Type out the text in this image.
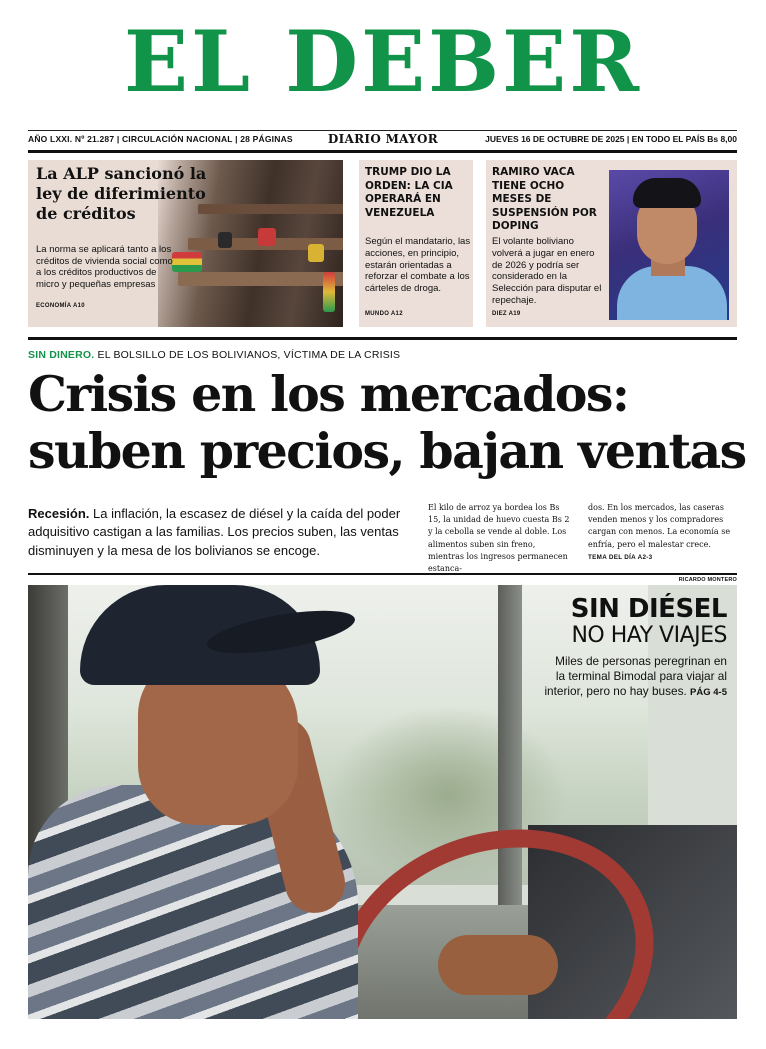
EL DEBER
AÑO LXXI. Nº 21.287 | CIRCULACIÓN NACIONAL | 28 PÁGINAS	DIARIO MAYOR	JUEVES 16 DE OCTUBRE DE 2025 | EN TODO EL PAÍS Bs 8,00
La ALP sancionó la ley de diferimiento de créditos
La norma se aplicará tanto a los créditos de vivienda social como a los créditos productivos de micro y pequeñas empresas
ECONOMÍA A10
TRUMP DIO LA ORDEN: LA CIA OPERARÁ EN VENEZUELA
Según el mandatario, las acciones, en principio, estarán orientadas a reforzar el combate a los cárteles de droga.
MUNDO A12
RAMIRO VACA TIENE OCHO MESES DE SUSPENSIÓN POR DOPING
El volante boliviano volverá a jugar en enero de 2026 y podría ser considerado en la Selección para disputar el repechaje.
DIEZ A19
SIN DINERO. EL BOLSILLO DE LOS BOLIVIANOS, VÍCTIMA DE LA CRISIS
Crisis en los mercados:
suben precios, bajan ventas
Recesión. La inflación, la escasez de diésel y la caída del poder adquisitivo castigan a las familias. Los precios suben, las ventas disminuyen y la mesa de los bolivianos se encoge.
El kilo de arroz ya bordea los Bs 15, la unidad de huevo cuesta Bs 2 y la cebolla se vende al doble. Los alimentos suben sin freno, mientras los ingresos permanecen estanca-
dos. En los mercados, las caseras venden menos y los compradores cargan con menos. La economía se enfría, pero el malestar crece.
TEMA DEL DÍA A2-3
RICARDO MONTERO
SIN DIÉSEL
NO HAY VIAJES
Miles de personas peregrinan en la terminal Bimodal para viajar al interior, pero no hay buses. PÁG 4-5
